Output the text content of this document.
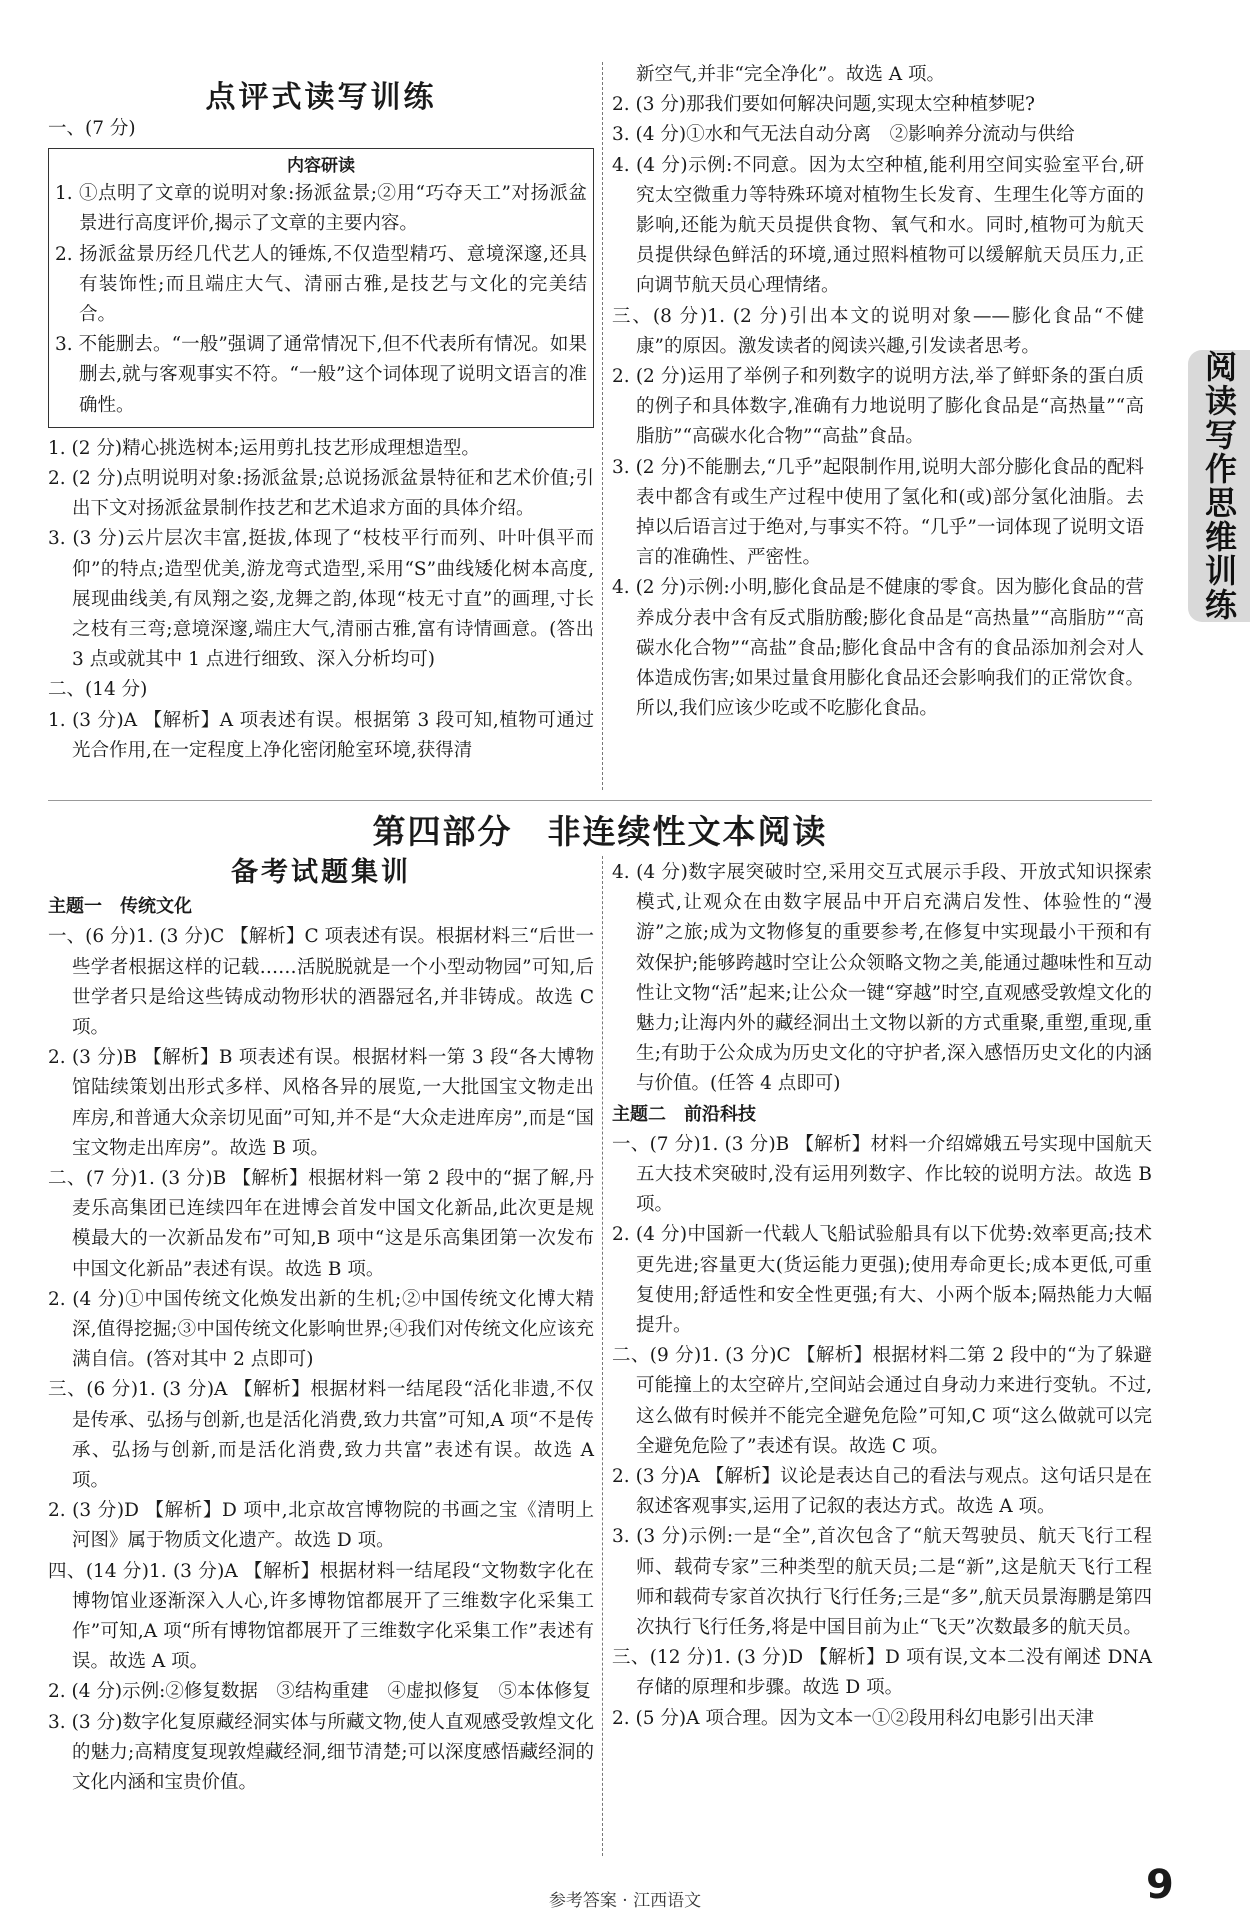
点评式读写训练

一、(7 分)

内容研读

1. ①点明了文章的说明对象:扬派盆景;②用“巧夺天工”对扬派盆景进行高度评价,揭示了文章的主要内容。

2. 扬派盆景历经几代艺人的锤炼,不仅造型精巧、意境深邃,还具有装饰性;而且端庄大气、清丽古雅,是技艺与文化的完美结合。

3. 不能删去。“一般”强调了通常情况下,但不代表所有情况。如果删去,就与客观事实不符。“一般”这个词体现了说明文语言的准确性。

1. (2 分)精心挑选树本;运用剪扎技艺形成理想造型。

2. (2 分)点明说明对象:扬派盆景;总说扬派盆景特征和艺术价值;引出下文对扬派盆景制作技艺和艺术追求方面的具体介绍。

3. (3 分)云片层次丰富,挺拔,体现了“枝枝平行而列、叶叶俱平而仰”的特点;造型优美,游龙弯式造型,采用“S”曲线矮化树本高度,展现曲线美,有凤翔之姿,龙舞之韵,体现“枝无寸直”的画理,寸长之枝有三弯;意境深邃,端庄大气,清丽古雅,富有诗情画意。(答出 3 点或就其中 1 点进行细致、深入分析均可)

二、(14 分)

1. (3 分)A 【解析】A 项表述有误。根据第 3 段可知,植物可通过光合作用,在一定程度上净化密闭舱室环境,获得清

新空气,并非“完全净化”。故选 A 项。

2. (3 分)那我们要如何解决问题,实现太空种植梦呢?

3. (4 分)①水和气无法自动分离　②影响养分流动与供给

4. (4 分)示例:不同意。因为太空种植,能利用空间实验室平台,研究太空微重力等特殊环境对植物生长发育、生理生化等方面的影响,还能为航天员提供食物、氧气和水。同时,植物可为航天员提供绿色鲜活的环境,通过照料植物可以缓解航天员压力,正向调节航天员心理情绪。

三、(8 分)1. (2 分)引出本文的说明对象——膨化食品“不健康”的原因。激发读者的阅读兴趣,引发读者思考。

2. (2 分)运用了举例子和列数字的说明方法,举了鲜虾条的蛋白质的例子和具体数字,准确有力地说明了膨化食品是“高热量”“高脂肪”“高碳水化合物”“高盐”食品。

3. (2 分)不能删去,“几乎”起限制作用,说明大部分膨化食品的配料表中都含有或生产过程中使用了氢化和(或)部分氢化油脂。去掉以后语言过于绝对,与事实不符。“几乎”一词体现了说明文语言的准确性、严密性。

4. (2 分)示例:小明,膨化食品是不健康的零食。因为膨化食品的营养成分表中含有反式脂肪酸;膨化食品是“高热量”“高脂肪”“高碳水化合物”“高盐”食品;膨化食品中含有的食品添加剂会对人体造成伤害;如果过量食用膨化食品还会影响我们的正常饮食。所以,我们应该少吃或不吃膨化食品。

阅读写作思维训练
第四部分　非连续性文本阅读
备考试题集训

主题一　传统文化

一、(6 分)1. (3 分)C 【解析】C 项表述有误。根据材料三“后世一些学者根据这样的记载……活脱脱就是一个小型动物园”可知,后世学者只是给这些铸成动物形状的酒器冠名,并非铸成。故选 C 项。

2. (3 分)B 【解析】B 项表述有误。根据材料一第 3 段“各大博物馆陆续策划出形式多样、风格各异的展览,一大批国宝文物走出库房,和普通大众亲切见面”可知,并不是“大众走进库房”,而是“国宝文物走出库房”。故选 B 项。

二、(7 分)1. (3 分)B 【解析】根据材料一第 2 段中的“据了解,丹麦乐高集团已连续四年在进博会首发中国文化新品,此次更是规模最大的一次新品发布”可知,B 项中“这是乐高集团第一次发布中国文化新品”表述有误。故选 B 项。

2. (4 分)①中国传统文化焕发出新的生机;②中国传统文化博大精深,值得挖掘;③中国传统文化影响世界;④我们对传统文化应该充满自信。(答对其中 2 点即可)

三、(6 分)1. (3 分)A 【解析】根据材料一结尾段“活化非遗,不仅是传承、弘扬与创新,也是活化消费,致力共富”可知,A 项“不是传承、弘扬与创新,而是活化消费,致力共富”表述有误。故选 A 项。

2. (3 分)D 【解析】D 项中,北京故宫博物院的书画之宝《清明上河图》属于物质文化遗产。故选 D 项。

四、(14 分)1. (3 分)A 【解析】根据材料一结尾段“文物数字化在博物馆业逐渐深入人心,许多博物馆都展开了三维数字化采集工作”可知,A 项“所有博物馆都展开了三维数字化采集工作”表述有误。故选 A 项。

2. (4 分)示例:②修复数据　③结构重建　④虚拟修复　⑤本体修复

3. (3 分)数字化复原藏经洞实体与所藏文物,使人直观感受敦煌文化的魅力;高精度复现敦煌藏经洞,细节清楚;可以深度感悟藏经洞的文化内涵和宝贵价值。

4. (4 分)数字展突破时空,采用交互式展示手段、开放式知识探索模式,让观众在由数字展品中开启充满启发性、体验性的“漫游”之旅;成为文物修复的重要参考,在修复中实现最小干预和有效保护;能够跨越时空让公众领略文物之美,能通过趣味性和互动性让文物“活”起来;让公众一键“穿越”时空,直观感受敦煌文化的魅力;让海内外的藏经洞出土文物以新的方式重聚,重塑,重现,重生;有助于公众成为历史文化的守护者,深入感悟历史文化的内涵与价值。(任答 4 点即可)

主题二　前沿科技

一、(7 分)1. (3 分)B 【解析】材料一介绍嫦娥五号实现中国航天五大技术突破时,没有运用列数字、作比较的说明方法。故选 B 项。

2. (4 分)中国新一代载人飞船试验船具有以下优势:效率更高;技术更先进;容量更大(货运能力更强);使用寿命更长;成本更低,可重复使用;舒适性和安全性更强;有大、小两个版本;隔热能力大幅提升。

二、(9 分)1. (3 分)C 【解析】根据材料二第 2 段中的“为了躲避可能撞上的太空碎片,空间站会通过自身动力来进行变轨。不过,这么做有时候并不能完全避免危险”可知,C 项“这么做就可以完全避免危险了”表述有误。故选 C 项。

2. (3 分)A 【解析】议论是表达自己的看法与观点。这句话只是在叙述客观事实,运用了记叙的表达方式。故选 A 项。

3. (3 分)示例:一是“全”,首次包含了“航天驾驶员、航天飞行工程师、载荷专家”三种类型的航天员;二是“新”,这是航天飞行工程师和载荷专家首次执行飞行任务;三是“多”,航天员景海鹏是第四次执行飞行任务,将是中国目前为止“飞天”次数最多的航天员。

三、(12 分)1. (3 分)D 【解析】D 项有误,文本二没有阐述 DNA 存储的原理和步骤。故选 D 项。

2. (5 分)A 项合理。因为文本一①②段用科幻电影引出天津

参考答案 · 江西语文	9
